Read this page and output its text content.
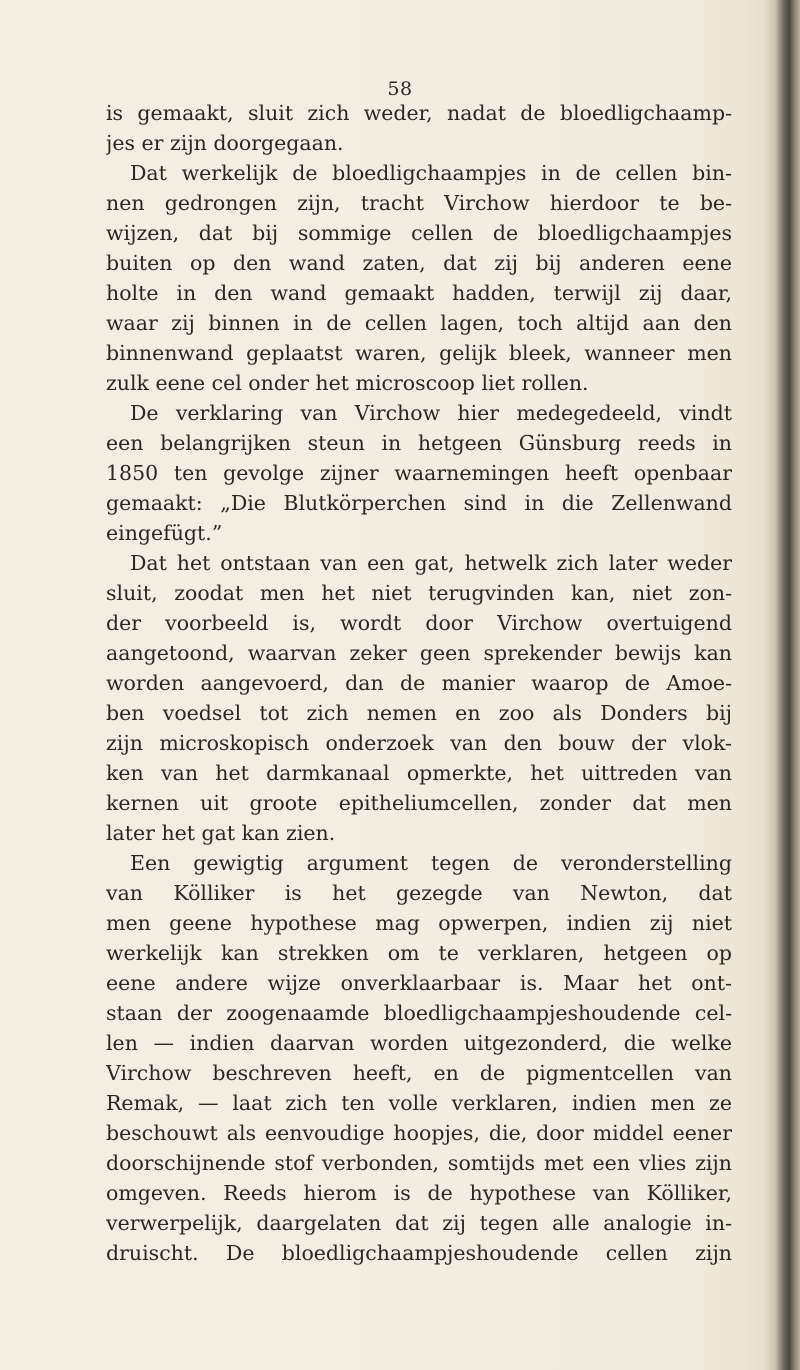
58
is gemaakt, sluit zich weder, nadat de bloedligchaamp-
jes er zijn doorgegaan.
Dat werkelijk de bloedligchaampjes in de cellen bin-
nen gedrongen zijn, tracht Virchow hierdoor te be-
wijzen, dat bij sommige cellen de bloedligchaampjes
buiten op den wand zaten, dat zij bij anderen eene
holte in den wand gemaakt hadden, terwijl zij daar,
waar zij binnen in de cellen lagen, toch altijd aan den
binnenwand geplaatst waren, gelijk bleek, wanneer men
zulk eene cel onder het microscoop liet rollen.
De verklaring van Virchow hier medegedeeld, vindt
een belangrijken steun in hetgeen Günsburg reeds in
1850 ten gevolge zijner waarnemingen heeft openbaar
gemaakt: „Die Blutkörperchen sind in die Zellenwand
eingefügt.”
Dat het ontstaan van een gat, hetwelk zich later weder
sluit, zoodat men het niet terugvinden kan, niet zon-
der voorbeeld is, wordt door Virchow overtuigend
aangetoond, waarvan zeker geen sprekender bewijs kan
worden aangevoerd, dan de manier waarop de Amoe-
ben voedsel tot zich nemen en zoo als Donders bij
zijn microskopisch onderzoek van den bouw der vlok-
ken van het darmkanaal opmerkte, het uittreden van
kernen uit groote epitheliumcellen, zonder dat men
later het gat kan zien.
Een gewigtig argument tegen de veronderstelling
van Kölliker is het gezegde van Newton, dat
men geene hypothese mag opwerpen, indien zij niet
werkelijk kan strekken om te verklaren, hetgeen op
eene andere wijze onverklaarbaar is. Maar het ont-
staan der zoogenaamde bloedligchaampjeshoudende cel-
len — indien daarvan worden uitgezonderd, die welke
Virchow beschreven heeft, en de pigmentcellen van
Remak, — laat zich ten volle verklaren, indien men ze
beschouwt als eenvoudige hoopjes, die, door middel eener
doorschijnende stof verbonden, somtijds met een vlies zijn
omgeven. Reeds hierom is de hypothese van Kölliker,
verwerpelijk, daargelaten dat zij tegen alle analogie in-
druischt. De bloedligchaampjeshoudende cellen zijn
